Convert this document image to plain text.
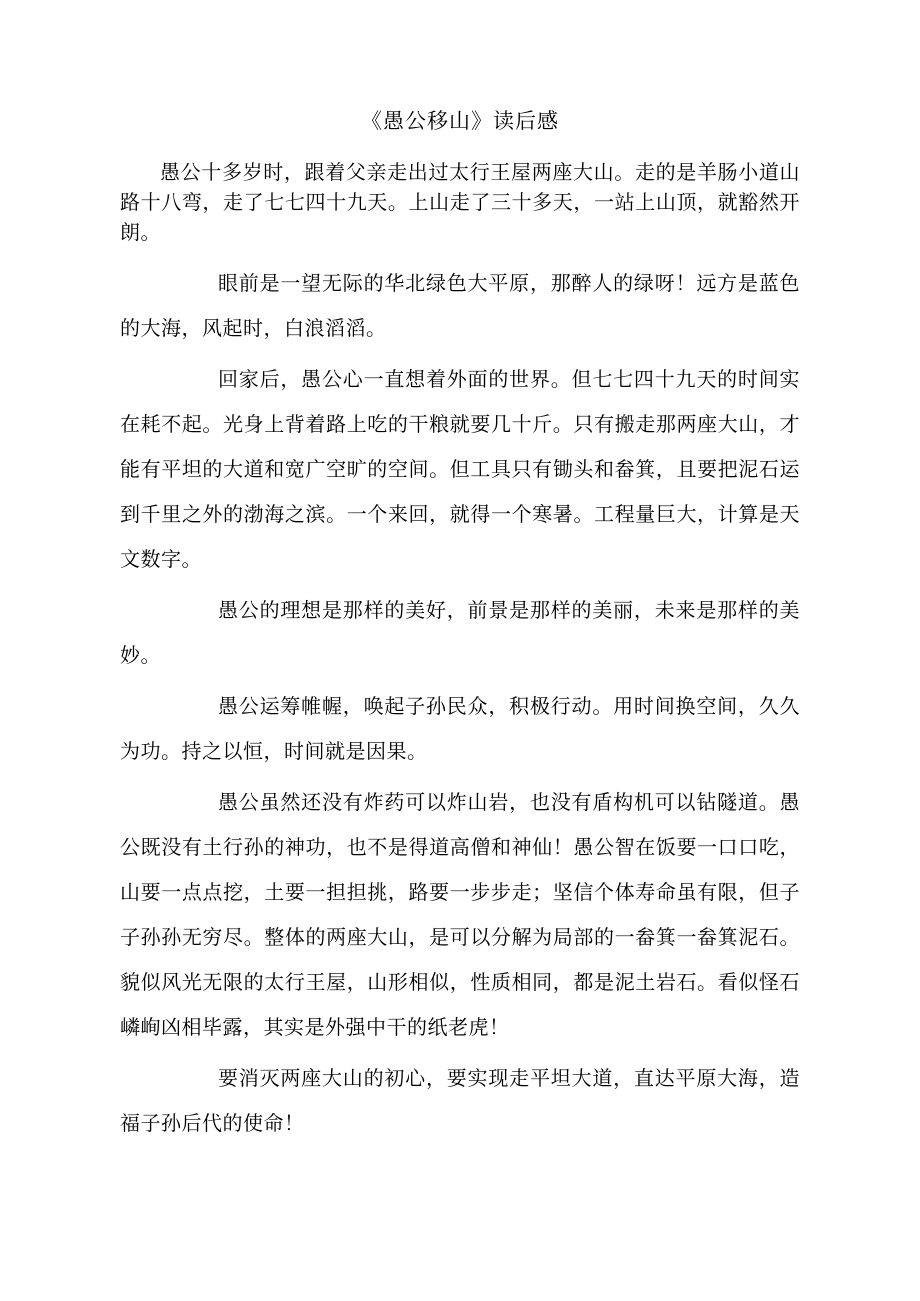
《愚公移山》读后感

愚公十多岁时，跟着父亲走出过太行王屋两座大山。走的是羊肠小道山路十八弯，走了七七四十九天。上山走了三十多天，一站上山顶，就豁然开朗。

眼前是一望无际的华北绿色大平原，那醉人的绿呀！远方是蓝色的大海，风起时，白浪滔滔。

回家后，愚公心一直想着外面的世界。但七七四十九天的时间实在耗不起。光身上背着路上吃的干粮就要几十斤。只有搬走那两座大山，才能有平坦的大道和宽广空旷的空间。但工具只有锄头和畚箕，且要把泥石运到千里之外的渤海之滨。一个来回，就得一个寒暑。工程量巨大，计算是天文数字。

愚公的理想是那样的美好，前景是那样的美丽，未来是那样的美妙。

愚公运筹帷幄，唤起子孙民众，积极行动。用时间换空间，久久为功。持之以恒，时间就是因果。

愚公虽然还没有炸药可以炸山岩，也没有盾构机可以钻隧道。愚公既没有土行孙的神功，也不是得道高僧和神仙！愚公智在饭要一口口吃，山要一点点挖，土要一担担挑，路要一步步走；坚信个体寿命虽有限，但子子孙孙无穷尽。整体的两座大山，是可以分解为局部的一畚箕一畚箕泥石。貌似风光无限的太行王屋，山形相似，性质相同，都是泥土岩石。看似怪石嶙峋凶相毕露，其实是外强中干的纸老虎！

要消灭两座大山的初心，要实现走平坦大道，直达平原大海，造福子孙后代的使命！
